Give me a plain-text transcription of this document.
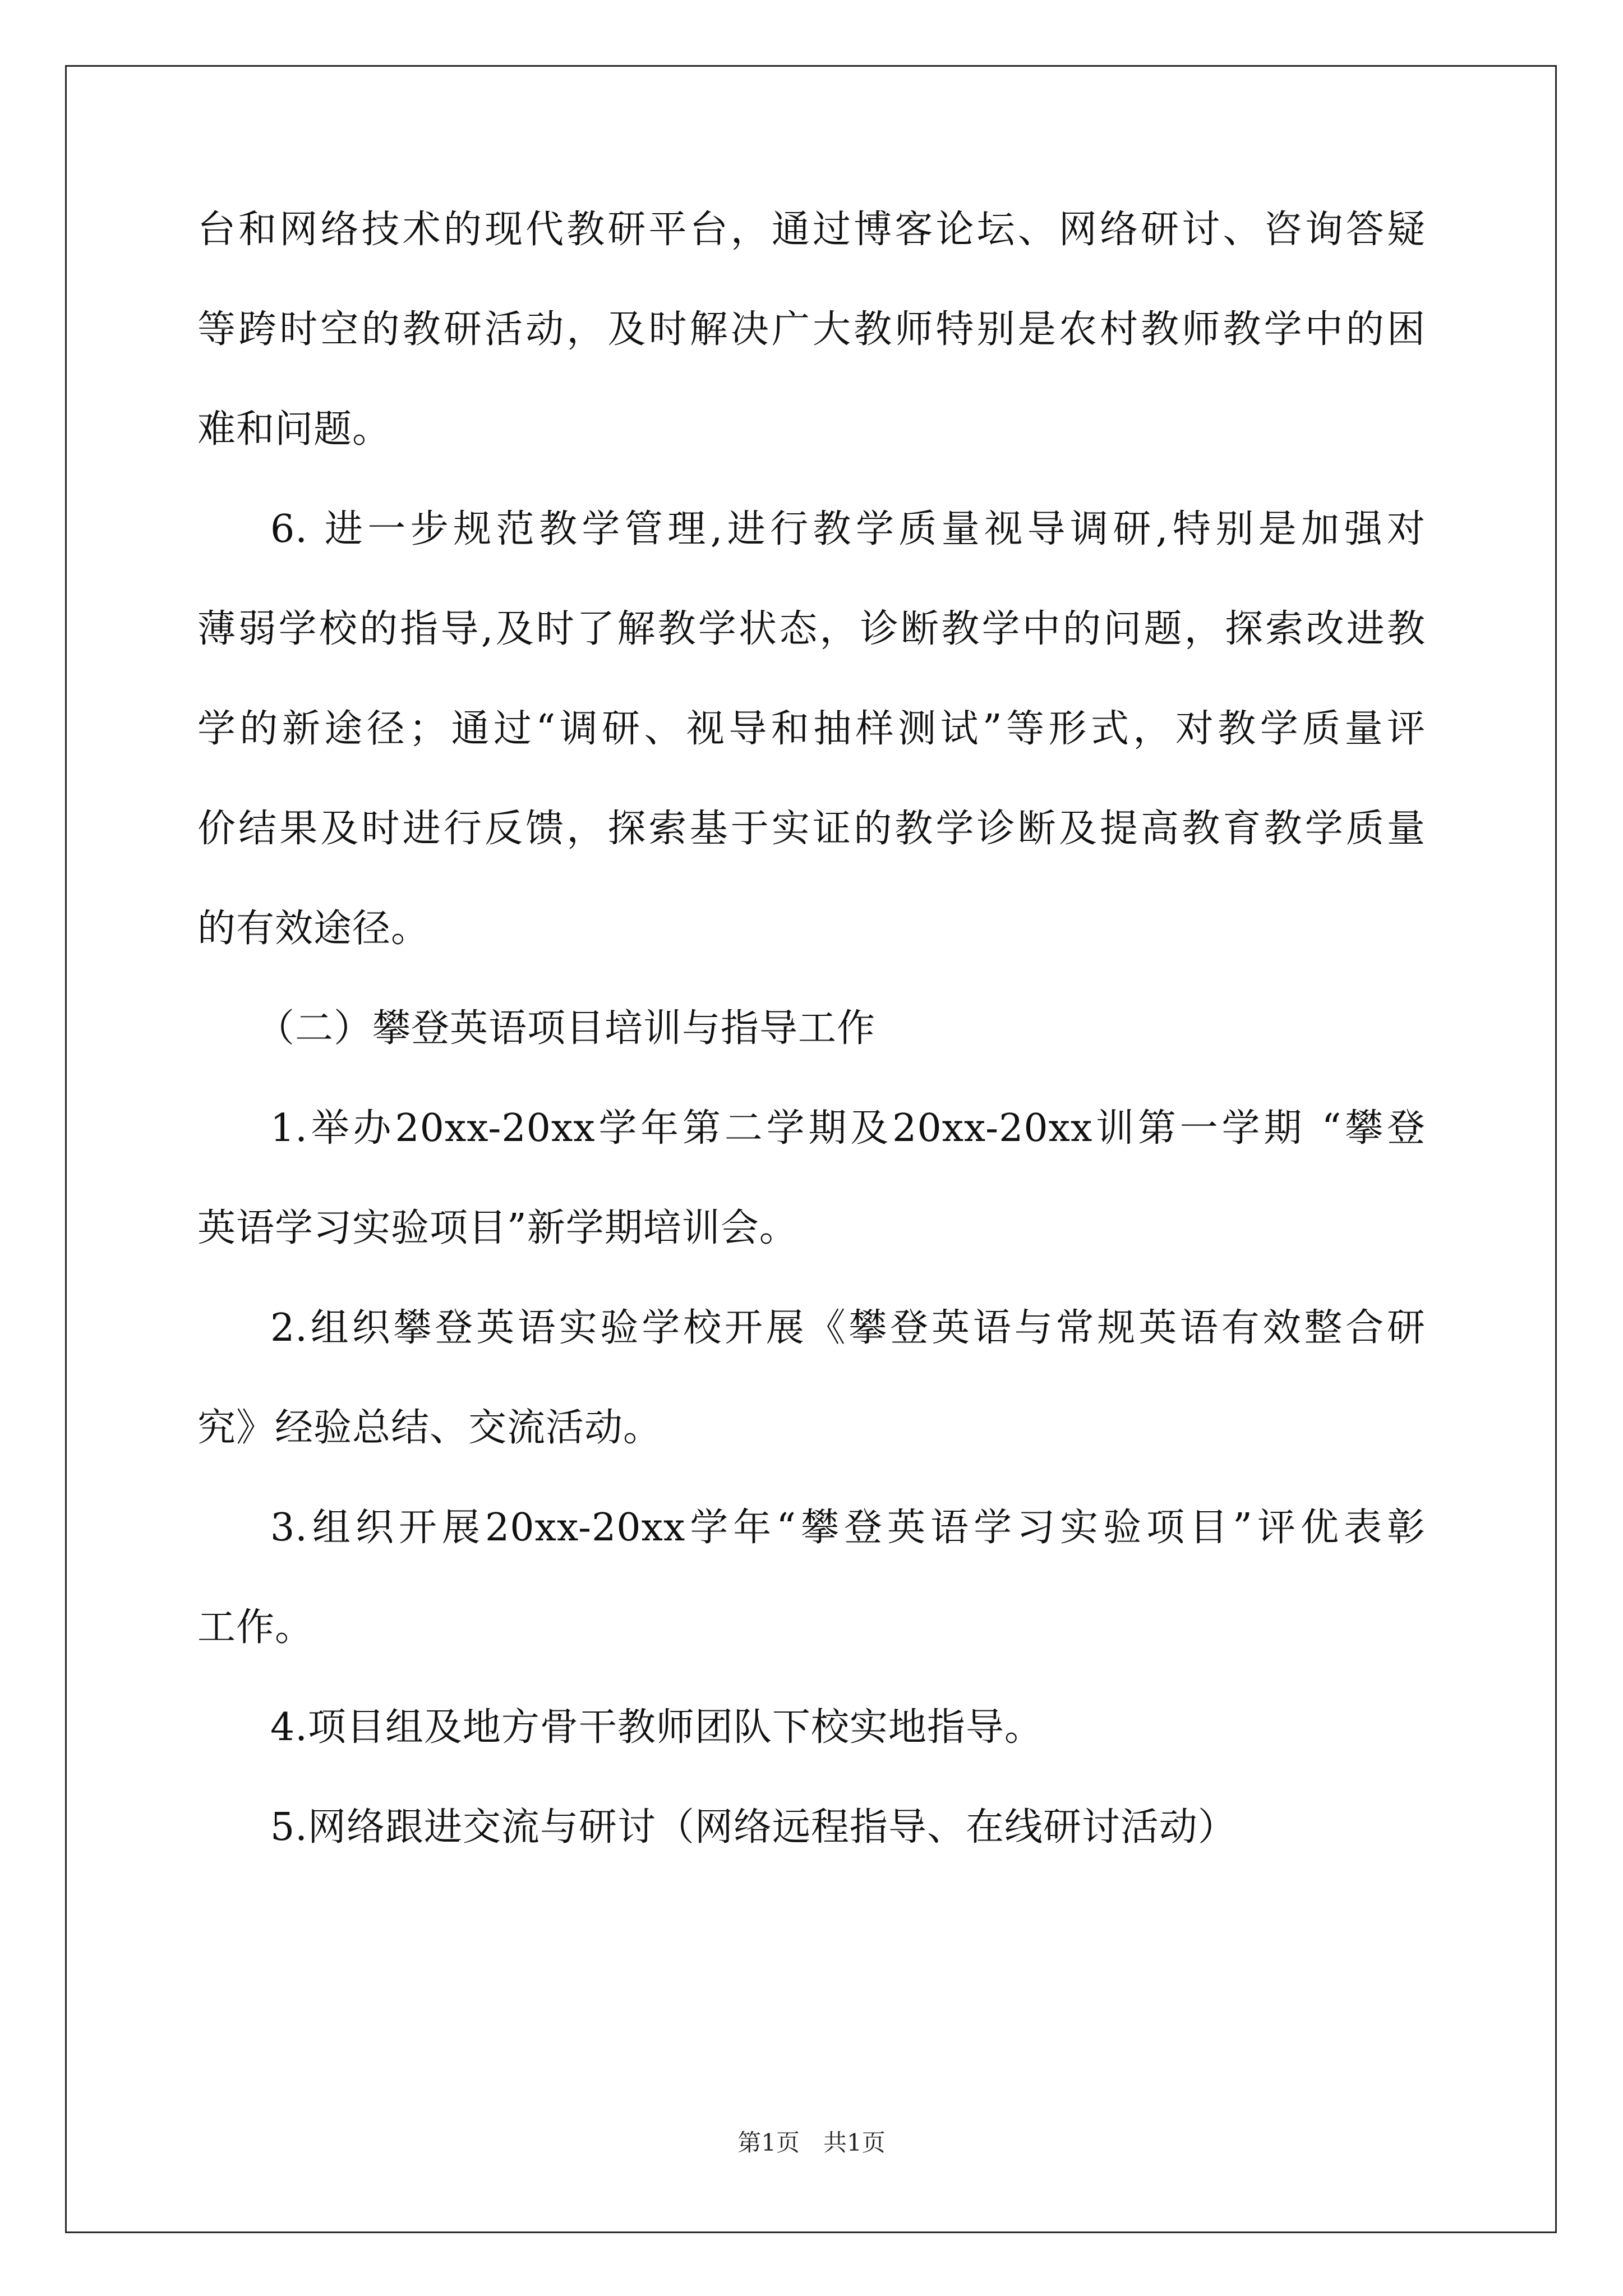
台和网络技术的现代教研平台，通过博客论坛、网络研讨、咨询答疑
等跨时空的教研活动，及时解决广大教师特别是农村教师教学中的困
难和问题。
6. 进一步规范教学管理,进行教学质量视导调研,特别是加强对
薄弱学校的指导,及时了解教学状态，诊断教学中的问题，探索改进教
学的新途径；通过“调研、视导和抽样测试”等形式，对教学质量评
价结果及时进行反馈，探索基于实证的教学诊断及提高教育教学质量
的有效途径。
（二）攀登英语项目培训与指导工作
1.举办20xx-20xx学年第二学期及20xx-20xx训第一学期 “攀登
英语学习实验项目”新学期培训会。
2.组织攀登英语实验学校开展《攀登英语与常规英语有效整合研
究》经验总结、交流活动。
3.组织开展20xx-20xx学年“攀登英语学习实验项目”评优表彰
工作。
4.项目组及地方骨干教师团队下校实地指导。
5.网络跟进交流与研讨（网络远程指导、在线研讨活动）
第1页 共1页
